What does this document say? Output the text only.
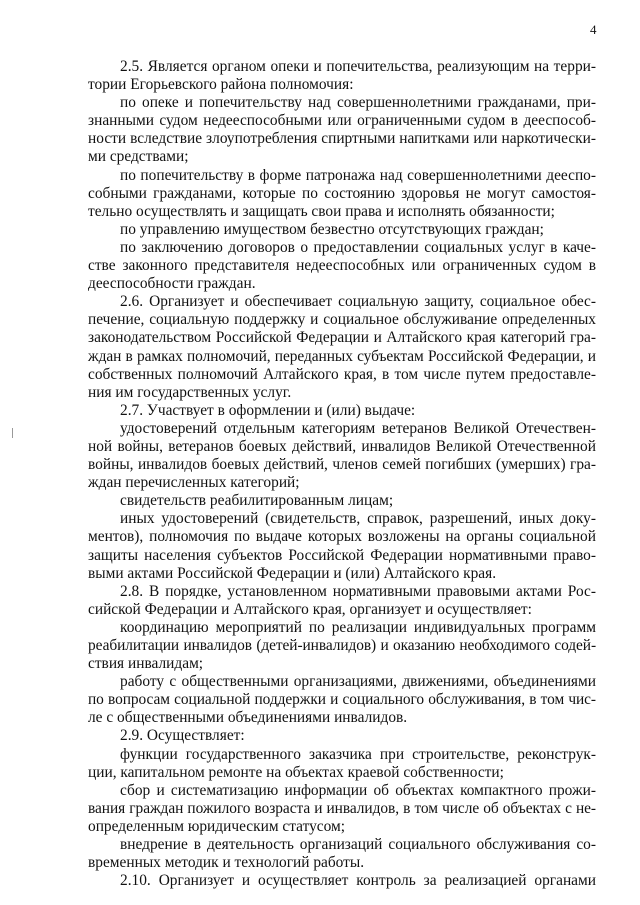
4
2.5. Является органом опеки и попечительства, реализующим на терри-
тории Егорьевского района полномочия:
по опеке и попечительству над совершеннолетними гражданами, при-
знанными судом недееспособными или ограниченными судом в дееспособ-
ности вследствие злоупотребления спиртными напитками или наркотически-
ми средствами;
по попечительству в форме патронажа над совершеннолетними дееспо-
собными гражданами, которые по состоянию здоровья не могут самостоя-
тельно осуществлять и защищать свои права и исполнять обязанности;
по управлению имуществом безвестно отсутствующих граждан;
по заключению договоров о предоставлении социальных услуг в каче-
стве законного представителя недееспособных или ограниченных судом в
дееспособности граждан.
2.6. Организует и обеспечивает социальную защиту, социальное обес-
печение, социальную поддержку и социальное обслуживание определенных
законодательством Российской Федерации и Алтайского края категорий гра-
ждан в рамках полномочий, переданных субъектам Российской Федерации, и
собственных полномочий Алтайского края, в том числе путем предоставле-
ния им государственных услуг.
2.7. Участвует в оформлении и (или) выдаче:
удостоверений отдельным категориям ветеранов Великой Отечествен-
ной войны, ветеранов боевых действий, инвалидов Великой Отечественной
войны, инвалидов боевых действий, членов семей погибших (умерших) гра-
ждан перечисленных категорий;
свидетельств реабилитированным лицам;
иных удостоверений (свидетельств, справок, разрешений, иных доку-
ментов), полномочия по выдаче которых возложены на органы социальной
защиты населения субъектов Российской Федерации нормативными право-
выми актами Российской Федерации и (или) Алтайского края.
2.8. В порядке, установленном нормативными правовыми актами Рос-
сийской Федерации и Алтайского края, организует и осуществляет:
координацию мероприятий по реализации индивидуальных программ
реабилитации инвалидов (детей-инвалидов) и оказанию необходимого содей-
ствия инвалидам;
работу с общественными организациями, движениями, объединениями
по вопросам социальной поддержки и социального обслуживания, в том чис-
ле с общественными объединениями инвалидов.
2.9. Осуществляет:
функции государственного заказчика при строительстве, реконструк-
ции, капитальном ремонте на объектах краевой собственности;
сбор и систематизацию информации об объектах компактного прожи-
вания граждан пожилого возраста и инвалидов, в том числе об объектах с не-
определенным юридическим статусом;
внедрение в деятельность организаций социального обслуживания со-
временных методик и технологий работы.
2.10. Организует и осуществляет контроль за реализацией органами
